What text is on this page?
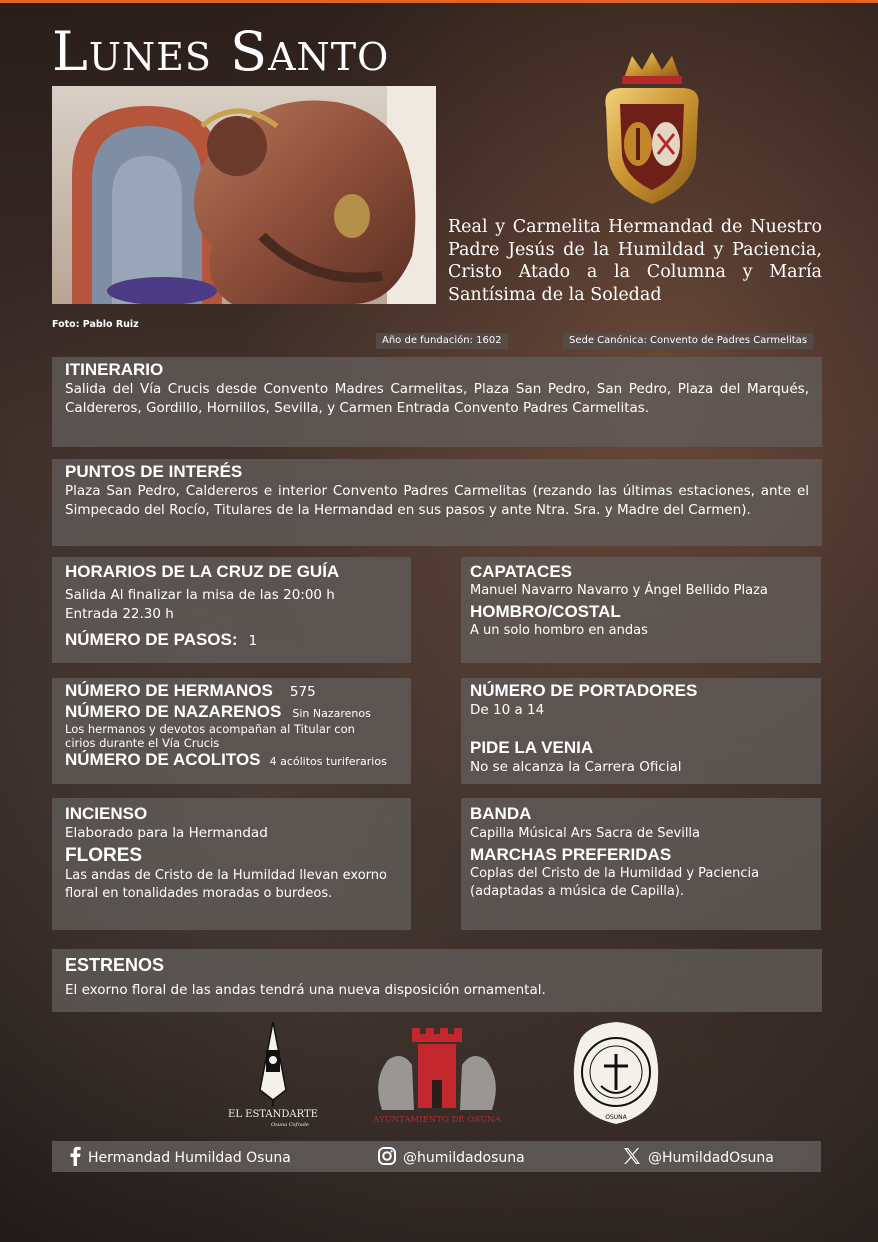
Lunes Santo
Foto: Pablo Ruiz

Real y Carmelita Hermandad de Nuestro Padre Jesús de la Humildad y Paciencia, Cristo Atado a la Columna y María Santísima de la Soledad

Año de fundación: 1602	Sede Canónica: Convento de Padres Carmelitas
ITINERARIO
Salida del Vía Crucis desde Convento Madres Carmelitas, Plaza San Pedro, San Pedro, Plaza del Marqués, Caldereros, Gordillo, Hornillos, Sevilla, y Carmen Entrada Convento Padres Carmelitas.
PUNTOS DE INTERÉS
Plaza San Pedro, Caldereros e interior Convento Padres Carmelitas (rezando las últimas estaciones, ante el Simpecado del Rocío, Titulares de la Hermandad en sus pasos y ante Ntra. Sra. y Madre del Carmen).
HORARIOS DE LA CRUZ DE GUÍA
Salida Al finalizar la misa de las 20:00 h
Entrada 22.30 h
NÚMERO DE PASOS: 1
CAPATACES
Manuel Navarro Navarro y Ángel Bellido Plaza
HOMBRO/COSTAL
A un solo hombro en andas
NÚMERO DE HERMANOS 575
NÚMERO DE NAZARENOS Sin Nazarenos
Los hermanos y devotos acompañan al Titular con cirios durante el Vía Crucis
NÚMERO DE ACOLITOS 4 acólitos turiferarios
NÚMERO DE PORTADORES
De 10 a 14
PIDE LA VENIA
No se alcanza la Carrera Oficial
INCIENSO
Elaborado para la Hermandad
FLORES
Las andas de Cristo de la Humildad llevan exorno floral en tonalidades moradas o burdeos.
BANDA
Capilla Músical Ars Sacra de Sevilla
MARCHAS PREFERIDAS
Coplas del Cristo de la Humildad y Paciencia (adaptadas a música de Capilla).
ESTRENOS
El exorno floral de las andas tendrá una nueva disposición ornamental.
EL ESTANDARTE
Osuna Cofrade	AYUNTAMIENTO DE OSUNA	OSUNA
Hermandad Humildad Osuna	@humildadosuna	@HumildadOsuna
